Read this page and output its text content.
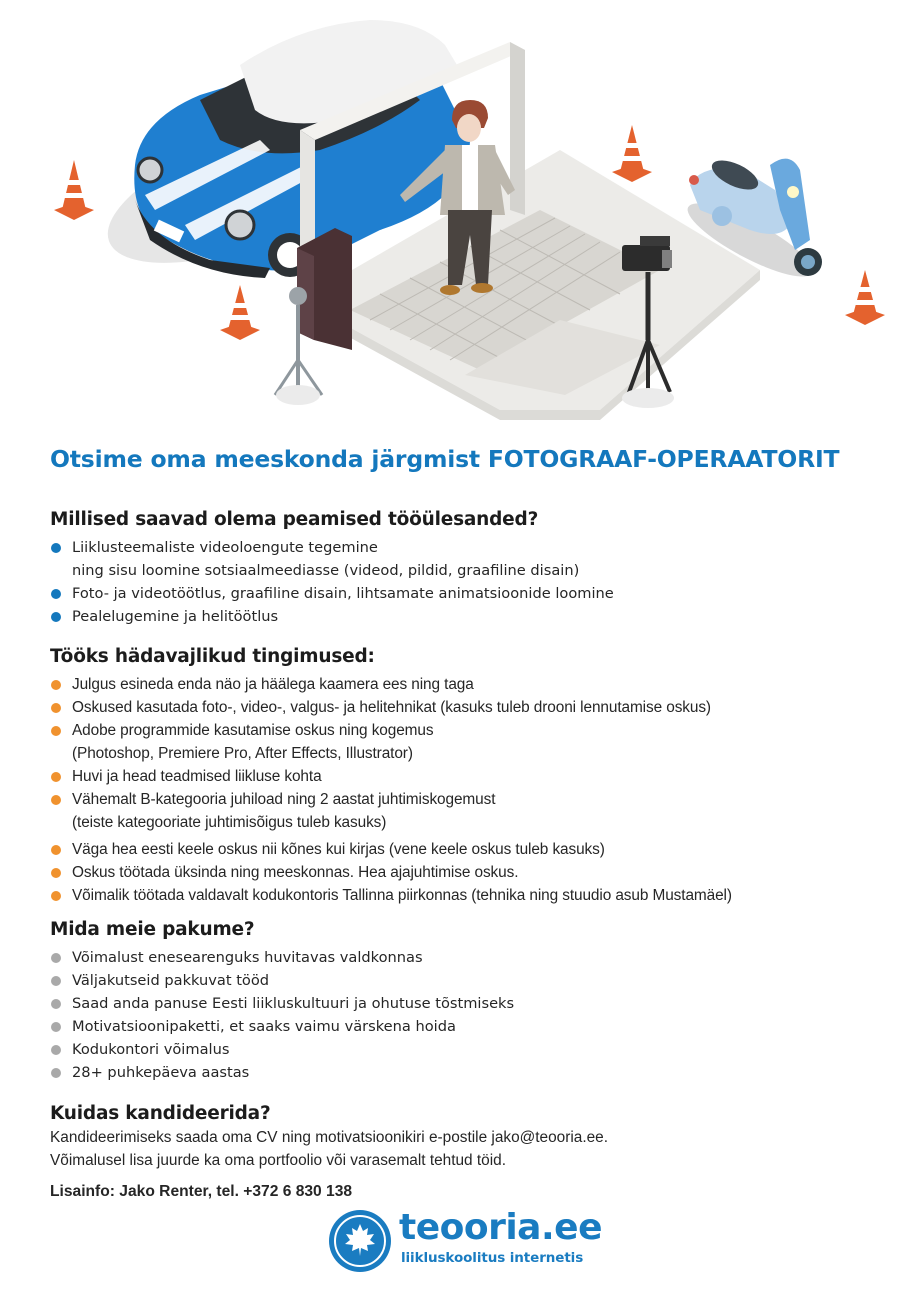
Otsime oma meeskonda järgmist FOTOGRAAF-OPERAATORIT
Millised saavad olema peamised tööülesanded?
Liiklusteemaliste videoloengute tegemine
ning sisu loomine sotsiaalmeediasse (videod, pildid, graafiline disain)
Foto- ja videotöötlus, graafiline disain, lihtsamate animatsioonide loomine
Pealelugemine ja helitöötlus
Tööks hädavajlikud tingimused:
Julgus esineda enda näo ja häälega kaamera ees ning taga
Oskused kasutada foto-, video-, valgus- ja helitehnikat (kasuks tuleb drooni lennutamise oskus)
Adobe programmide kasutamise oskus ning kogemus
(Photoshop, Premiere Pro, After Effects, Illustrator)
Huvi ja head teadmised liikluse kohta
Vähemalt B-kategooria juhiload ning 2 aastat juhtimiskogemust
(teiste kategooriate juhtimisõigus tuleb kasuks)
Väga hea eesti keele oskus nii kõnes kui kirjas (vene keele oskus tuleb kasuks)
Oskus töötada üksinda ning meeskonnas. Hea ajajuhtimise oskus.
Võimalik töötada valdavalt kodukontoris Tallinna piirkonnas (tehnika ning stuudio asub Mustamäel)
Mida meie pakume?
Võimalust enesearenguks huvitavas valdkonnas
Väljakutseid pakkuvat tööd
Saad anda panuse Eesti liikluskultuuri ja ohutuse tõstmiseks
Motivatsioonipaketti, et saaks vaimu värskena hoida
Kodukontori võimalus
28+ puhkepäeva aastas
Kuidas kandideerida?

Kandideerimiseks saada oma CV ning motivatsioonikiri e-postile jako@teooria.ee.

Võimalusel lisa juurde ka oma portfoolio või varasemalt tehtud töid.

Lisainfo: Jako Renter, tel. +372 6 830 138
teooria.ee
liikluskoolitus internetis
